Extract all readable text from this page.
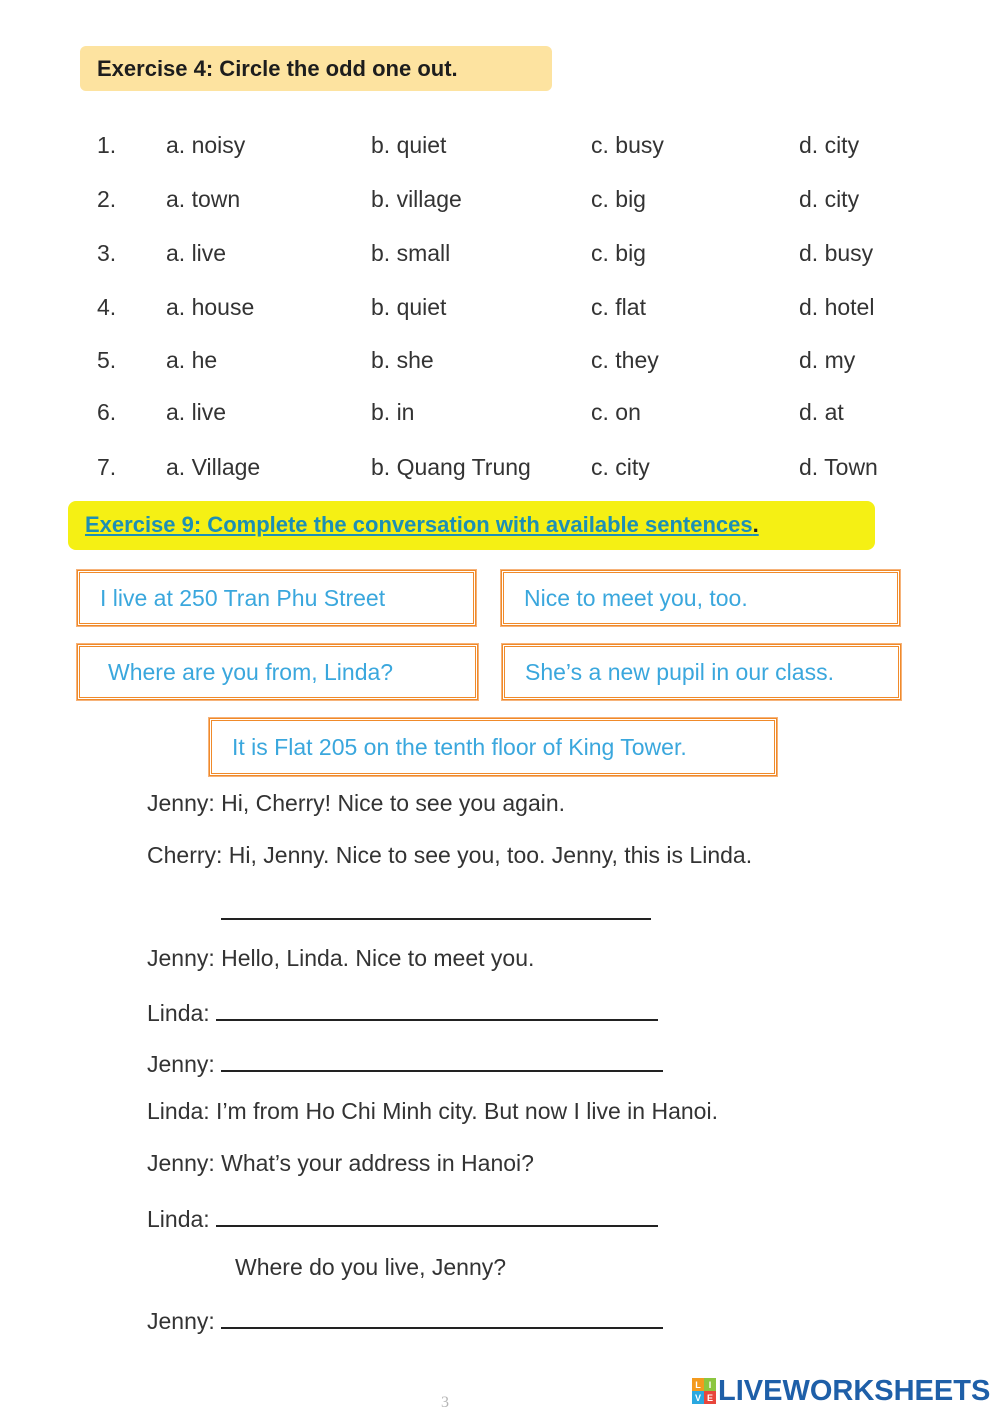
Exercise 4: Circle the odd one out.
1. a. noisy	b. quiet	c. busy	d. city
2. a. town	b. village	c. big	d. city
3. a. live	b. small	c. big	d. busy
4. a. house	b. quiet	c. flat	d. hotel
5. a. he	b. she	c. they	d. my
6. a. live	b. in	c. on	d. at
7. a. Village	b. Quang Trung	c. city	d. Town
Exercise 9: Complete the conversation with available sentences.
I live at 250 Tran Phu Street	Nice to meet you, too.
Where are you from, Linda?	She’s a new pupil in our class.
It is Flat 205 on the tenth floor of King Tower.
Jenny: Hi, Cherry! Nice to see you again.
Cherry: Hi, Jenny. Nice to see you, too. Jenny, this is Linda.
Jenny: Hello, Linda. Nice to meet you.
Linda:
Jenny:
Linda: I’m from Ho Chi Minh city. But now I live in Hanoi.
Jenny: What’s your address in Hanoi?
Linda:
Where do you live, Jenny?
Jenny:
3
L I
V E LIVEWORKSHEETS
